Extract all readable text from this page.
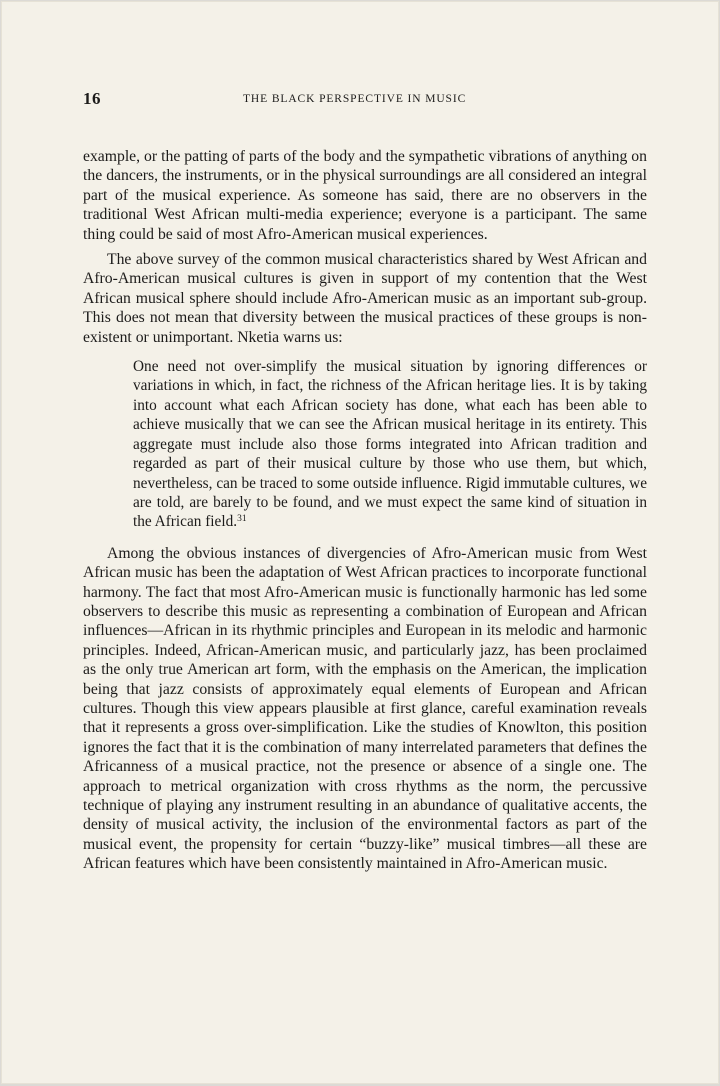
16	THE BLACK PERSPECTIVE IN MUSIC

example, or the patting of parts of the body and the sympathetic vibrations of anything on the dancers, the instruments, or in the physical surroundings are all considered an integral part of the musical experience. As someone has said, there are no observers in the traditional West African multi-media experience; everyone is a participant. The same thing could be said of most Afro-American musical experiences.

The above survey of the common musical characteristics shared by West African and Afro-American musical cultures is given in support of my contention that the West African musical sphere should include Afro-American music as an important sub-group. This does not mean that diversity between the musical practices of these groups is non-existent or unimportant. Nketia warns us:

One need not over-simplify the musical situation by ignoring differences or variations in which, in fact, the richness of the African heritage lies. It is by taking into account what each African society has done, what each has been able to achieve musically that we can see the African musical heritage in its entirety. This aggregate must include also those forms integrated into African tradition and regarded as part of their musical culture by those who use them, but which, nevertheless, can be traced to some outside influence. Rigid immutable cultures, we are told, are barely to be found, and we must expect the same kind of situation in the African field.$^{31}$

Among the obvious instances of divergencies of Afro-American music from West African music has been the adaptation of West African practices to incorporate functional harmony. The fact that most Afro-American music is functionally harmonic has led some observers to describe this music as representing a combination of European and African influences—African in its rhythmic principles and European in its melodic and harmonic principles. Indeed, African-American music, and particularly jazz, has been proclaimed as the only true American art form, with the emphasis on the American, the implication being that jazz consists of approximately equal elements of European and African cultures. Though this view appears plausible at first glance, careful examination reveals that it represents a gross over-simplification. Like the studies of Knowlton, this position ignores the fact that it is the combination of many interrelated parameters that defines the Africanness of a musical practice, not the presence or absence of a single one. The approach to metrical organization with cross rhythms as the norm, the percussive technique of playing any instrument resulting in an abundance of qualitative accents, the density of musical activity, the inclusion of the environmental factors as part of the musical event, the propensity for certain “buzzy-like” musical timbres—all these are African features which have been consistently maintained in Afro-American music.
